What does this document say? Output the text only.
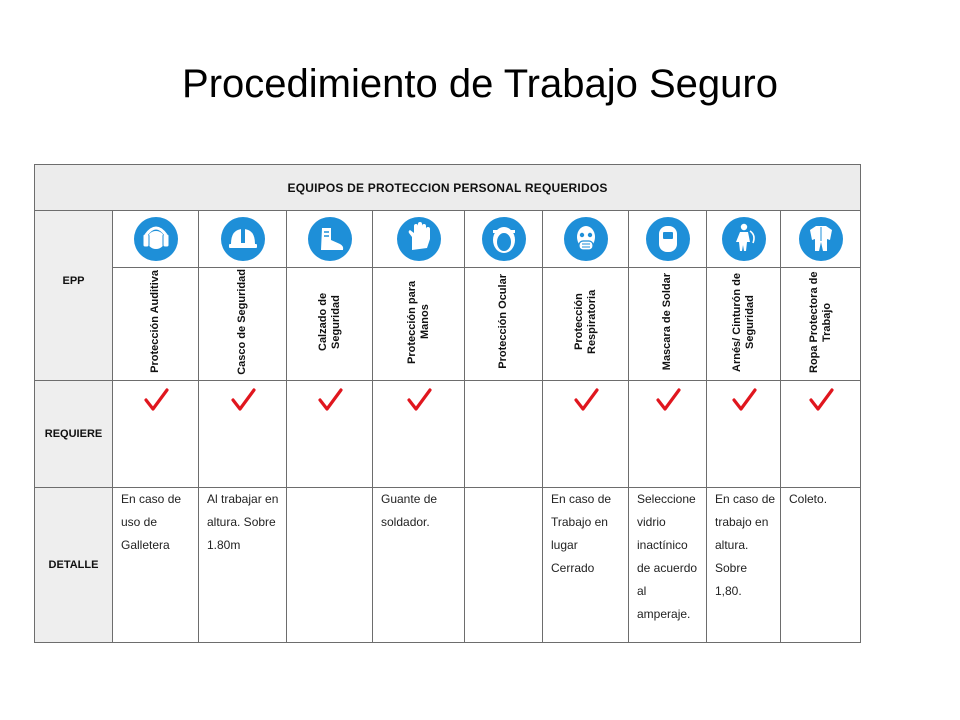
Procedimiento de Trabajo Seguro
EQUIPOS DE PROTECCION PERSONAL REQUERIDOS									
EPP	

	Protección Auditiva	Casco de Seguridad	Calzado de Seguridad	Protección para Manos	Protección Ocular	Protección Respiratoria	Mascara de Soldar	Arnés/ Cinturón de Seguridad	Ropa Protectora de Trabajo
REQUIERE									
DETALLE	En caso de uso de Galletera	Al trabajar en altura. Sobre 1.80m		Guante de soldador.		En caso de Trabajo en lugar Cerrado	Seleccione vidrio inactínico de acuerdo al amperaje.	En caso de trabajo en altura. Sobre 1,80.	Coleto.
